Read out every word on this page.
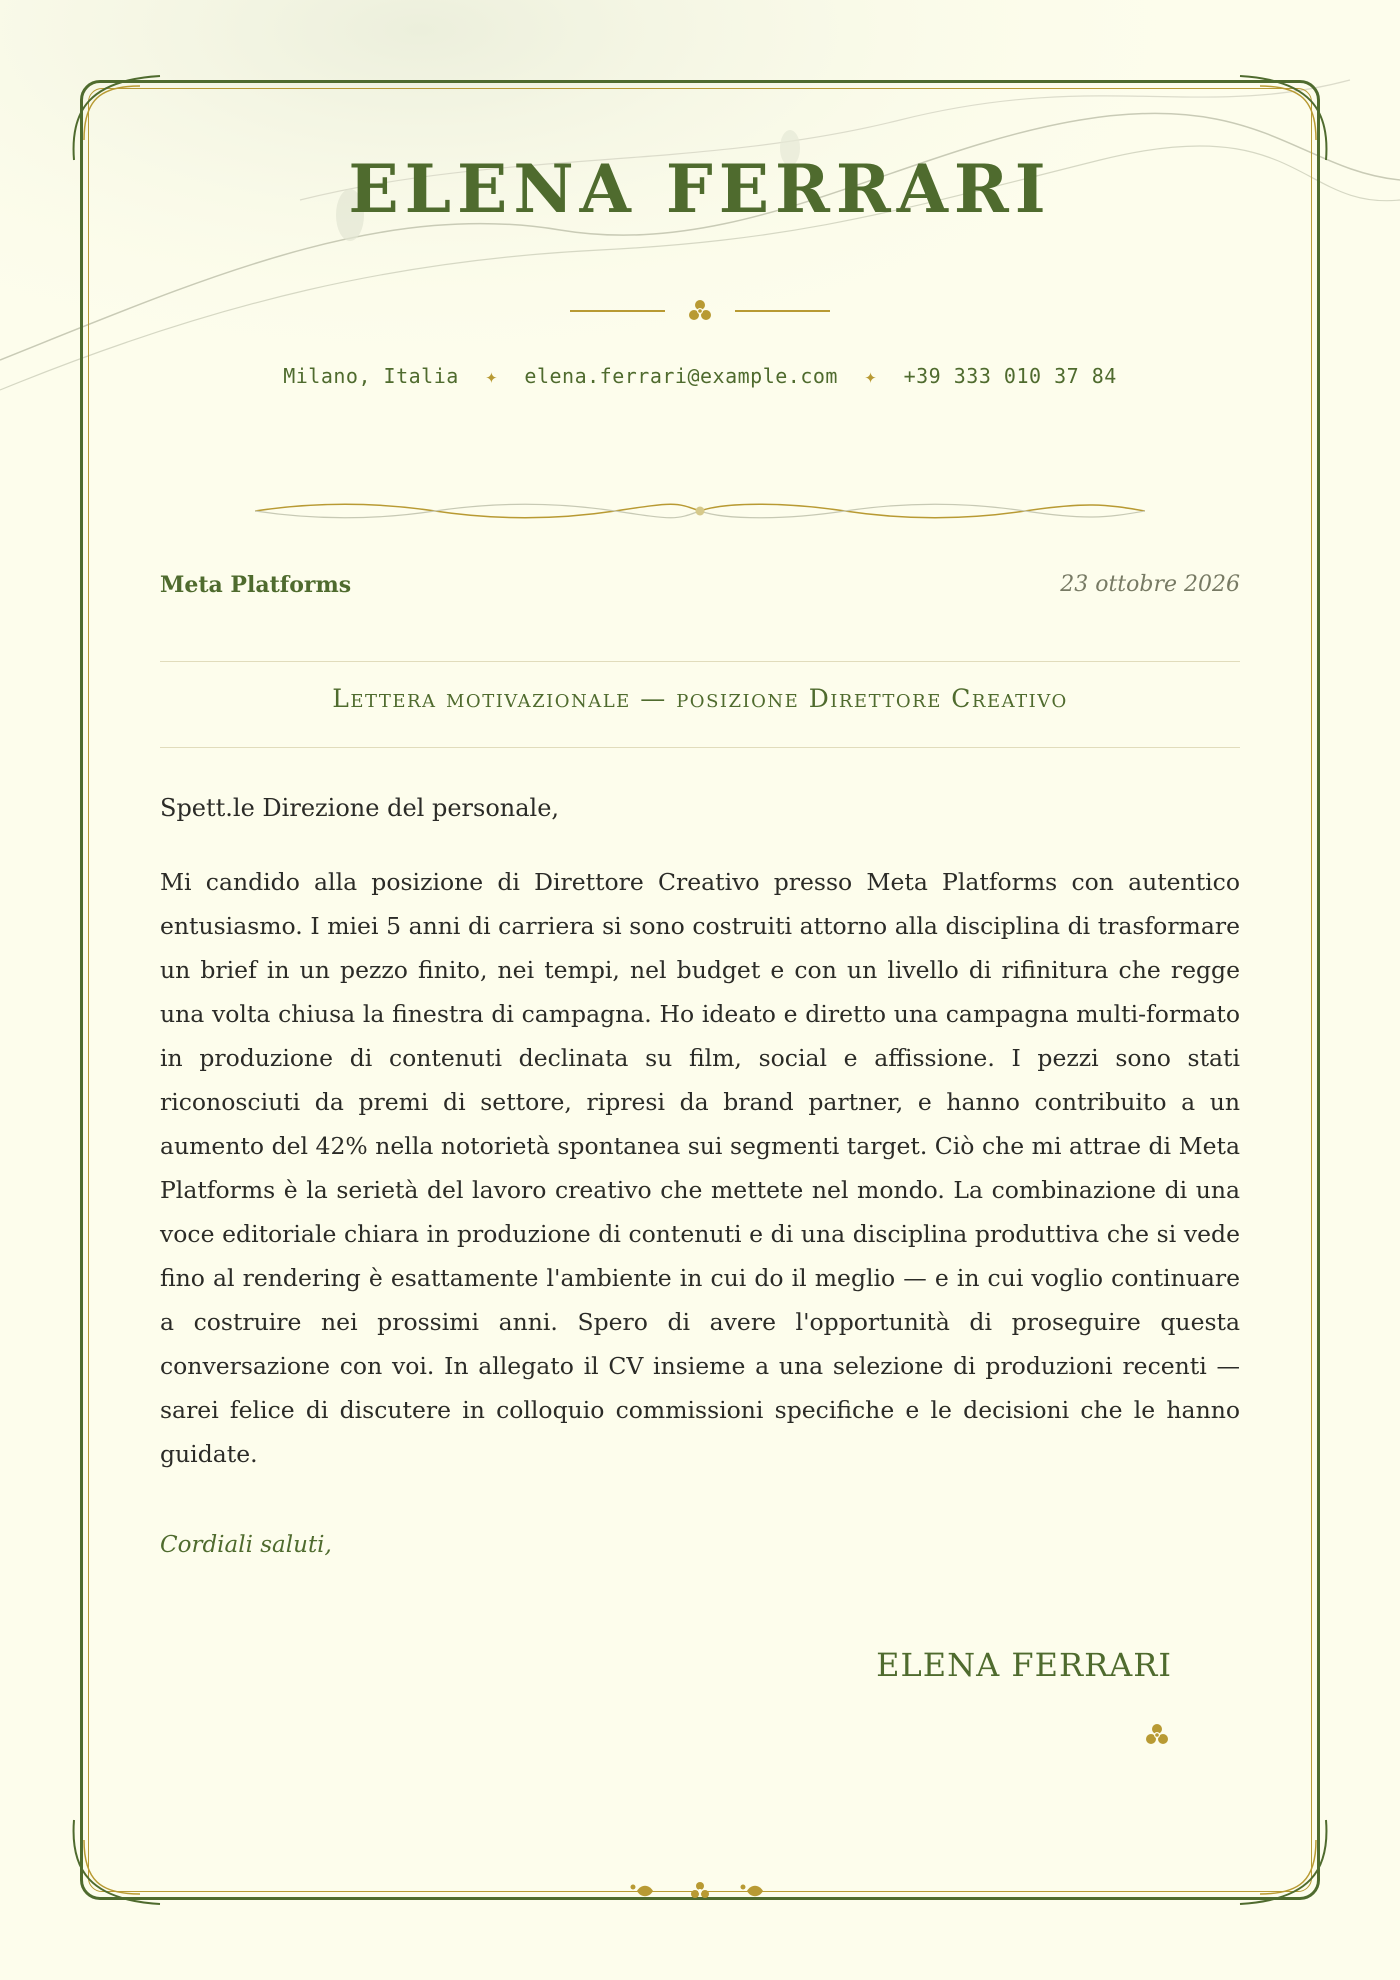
ELENA FERRARI
Milano, Italia ✦ elena.ferrari@example.com ✦ +39 333 010 37 84
Meta Platforms	23 ottobre 2026
Lettera motivazionale — posizione Direttore Creativo
Spett.le Direzione del personale,

Mi candido alla posizione di Direttore Creativo presso Meta Platforms con autentico entusiasmo. I miei 5 anni di carriera si sono costruiti attorno alla disciplina di trasformare un brief in un pezzo finito, nei tempi, nel budget e con un livello di rifinitura che regge una volta chiusa la finestra di campagna. Ho ideato e diretto una campagna multi-formato in produzione di contenuti declinata su film, social e affissione. I pezzi sono stati riconosciuti da premi di settore, ripresi da brand partner, e hanno contribuito a un aumento del 42% nella notorietà spontanea sui segmenti target. Ciò che mi attrae di Meta Platforms è la serietà del lavoro creativo che mettete nel mondo. La combinazione di una voce editoriale chiara in produzione di contenuti e di una disciplina produttiva che si vede fino al rendering è esattamente l'ambiente in cui do il meglio — e in cui voglio continuare a costruire nei prossimi anni. Spero di avere l'opportunità di proseguire questa conversazione con voi. In allegato il CV insieme a una selezione di produzioni recenti — sarei felice di discutere in colloquio commissioni specifiche e le decisioni che le hanno guidate.

Cordiali saluti,
ELENA FERRARI
